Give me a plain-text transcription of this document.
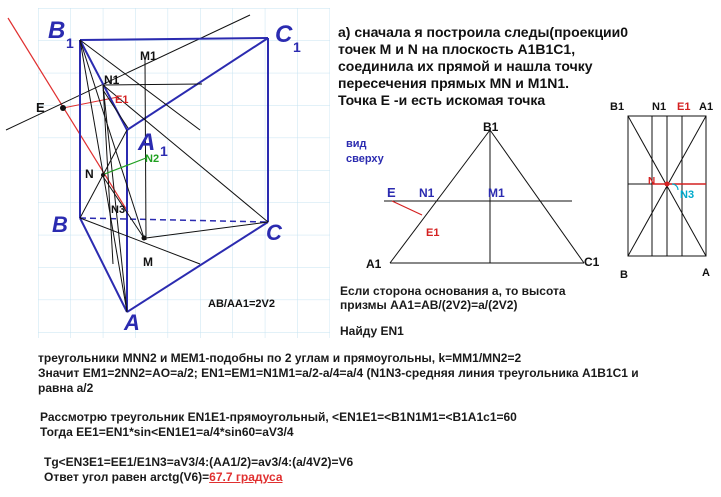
B 1	C 1
A 1
B	C
A
M1
N1
E1
E
N
N2
N3
M
AB/AA1=2V2
а) сначала я построила следы(проекции0
точек М и N на плоскость А1В1С1,
соединила их прямой и нашла точку
пересечения прямых MN и M1N1.
Точка Е -и есть искомая точка
вид
сверху
B1
E N1	M1
E1
A1	C1
B1	N1 E1 A1
N
N3
B	A
Если сторона основания а, то высота
призмы АА1=АВ/(2V2)=a/(2V2)
Найду EN1
треугольники MNN2 и MEM1-подобны по 2 углам и прямоугольны, k=MM1/MN2=2
Значит EM1=2NN2=AO=a/2; EN1=EM1=N1M1=a/2-a/4=a/4 (N1N3-средняя линия треугольника А1В1С1 и
равна а/2
Рассмотрю треугольник EN1E1-прямоугольный, <EN1E1=<B1N1M1=<B1A1c1=60
Тогда EE1=EN1*sin<EN1E1=a/4*sin60=aV3/4
Tg<EN3E1=EE1/E1N3=aV3/4:(AA1/2)=av3/4:(a/4V2)=V6
Ответ угол равен arctg(V6)=67.7 градуса
